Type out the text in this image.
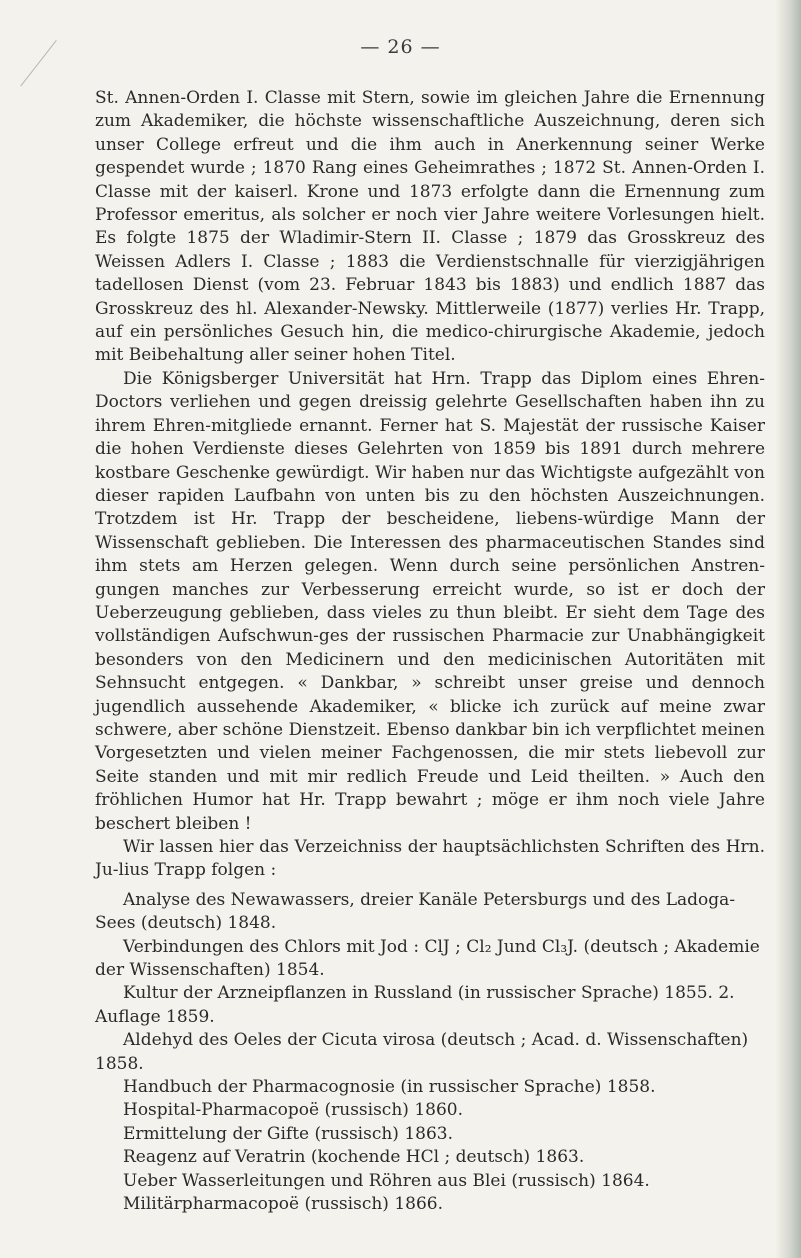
— 26 —

St. Annen-Orden I. Classe mit Stern, sowie im gleichen Jahre die Ernennung zum Akademiker, die höchste wissenschaftliche Auszeichnung, deren sich unser College erfreut und die ihm auch in Anerkennung seiner Werke gespendet wurde ; 1870 Rang eines Geheimrathes ; 1872 St. Annen-Orden I. Classe mit der kaiserl. Krone und 1873 erfolgte dann die Ernennung zum Professor emeritus, als solcher er noch vier Jahre weitere Vorlesungen hielt. Es folgte 1875 der Wladimir-Stern II. Classe ; 1879 das Grosskreuz des Weissen Adlers I. Classe ; 1883 die Verdienstschnalle für vierzigjährigen tadellosen Dienst (vom 23. Februar 1843 bis 1883) und endlich 1887 das Grosskreuz des hl. Alexander-Newsky. Mittlerweile (1877) verlies Hr. Trapp, auf ein persönliches Gesuch hin, die medico-chirurgische Akademie, jedoch mit Beibehaltung aller seiner hohen Titel.

Die Königsberger Universität hat Hrn. Trapp das Diplom eines Ehren-Doctors verliehen und gegen dreissig gelehrte Gesellschaften haben ihn zu ihrem Ehren-mitgliede ernannt. Ferner hat S. Majestät der russische Kaiser die hohen Verdienste dieses Gelehrten von 1859 bis 1891 durch mehrere kostbare Geschenke gewürdigt. Wir haben nur das Wichtigste aufgezählt von dieser rapiden Laufbahn von unten bis zu den höchsten Auszeichnungen. Trotzdem ist Hr. Trapp der bescheidene, liebens-würdige Mann der Wissenschaft geblieben. Die Interessen des pharmaceutischen Standes sind ihm stets am Herzen gelegen. Wenn durch seine persönlichen Anstren-gungen manches zur Verbesserung erreicht wurde, so ist er doch der Ueberzeugung geblieben, dass vieles zu thun bleibt. Er sieht dem Tage des vollständigen Aufschwun-ges der russischen Pharmacie zur Unabhängigkeit besonders von den Medicinern und den medicinischen Autoritäten mit Sehnsucht entgegen. « Dankbar, » schreibt unser greise und dennoch jugendlich aussehende Akademiker, « blicke ich zurück auf meine zwar schwere, aber schöne Dienstzeit. Ebenso dankbar bin ich verpflichtet meinen Vorgesetzten und vielen meiner Fachgenossen, die mir stets liebevoll zur Seite standen und mit mir redlich Freude und Leid theilten. » Auch den fröhlichen Humor hat Hr. Trapp bewahrt ; möge er ihm noch viele Jahre beschert bleiben !

Wir lassen hier das Verzeichniss der hauptsächlichsten Schriften des Hrn. Ju-lius Trapp folgen :

Analyse des Newawassers, dreier Kanäle Petersburgs und des Ladoga-Sees (deutsch) 1848.

Verbindungen des Chlors mit Jod : ClJ ; Cl₂ Jund Cl₃J. (deutsch ; Akademie der Wissenschaften) 1854.

Kultur der Arzneipflanzen in Russland (in russischer Sprache) 1855. 2. Auflage 1859.

Aldehyd des Oeles der Cicuta virosa (deutsch ; Acad. d. Wissenschaften) 1858.

Handbuch der Pharmacognosie (in russischer Sprache) 1858.

Hospital-Pharmacopoë (russisch) 1860.

Ermittelung der Gifte (russisch) 1863.

Reagenz auf Veratrin (kochende HCl ; deutsch) 1863.

Ueber Wasserleitungen und Röhren aus Blei (russisch) 1864.

Militärpharmacopoë (russisch) 1866.
